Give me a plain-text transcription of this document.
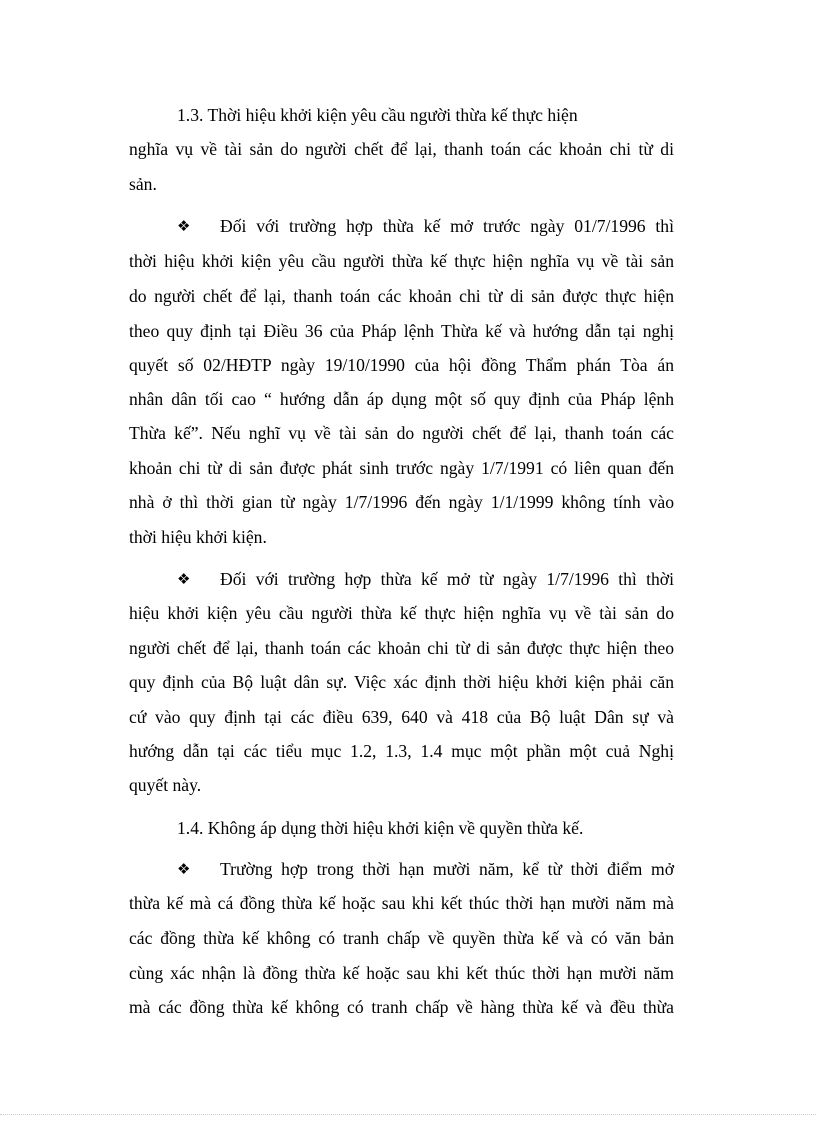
1.3. Thời hiệu khởi kiện yêu cầu người thừa kế thực hiện
nghĩa vụ về tài sản do người chết để lại, thanh toán các khoản chi từ di
sản.
❖ Đối với trường hợp thừa kế mở trước ngày 01/7/1996 thì
thời hiệu khởi kiện yêu cầu người thừa kế thực hiện nghĩa vụ về tài sản
do người chết để lại, thanh toán các khoản chi từ di sản được thực hiện
theo quy định tại Điều 36 của Pháp lệnh Thừa kế và hướng dẫn tại nghị
quyết số 02/HĐTP ngày 19/10/1990 của hội đồng Thẩm phán Tòa án
nhân dân tối cao “ hướng dẫn áp dụng một số quy định của Pháp lệnh
Thừa kế”. Nếu nghĩ vụ về tài sản do người chết để lại, thanh toán các
khoản chi từ di sản được phát sinh trước ngày 1/7/1991 có liên quan đến
nhà ở thì thời gian từ ngày 1/7/1996 đến ngày 1/1/1999 không tính vào
thời hiệu khởi kiện.
❖ Đối với trường hợp thừa kế mở từ ngày 1/7/1996 thì thời
hiệu khởi kiện yêu cầu người thừa kế thực hiện nghĩa vụ về tài sản do
người chết để lại, thanh toán các khoản chi từ di sản được thực hiện theo
quy định của Bộ luật dân sự. Việc xác định thời hiệu khởi kiện phải căn
cứ vào quy định tại các điều 639, 640 và 418 của Bộ luật Dân sự và
hướng dẫn tại các tiểu mục 1.2, 1.3, 1.4 mục một phần một cuả Nghị
quyết này.
1.4. Không áp dụng thời hiệu khởi kiện về quyền thừa kế.
❖ Trường hợp trong thời hạn mười năm, kể từ thời điểm mở
thừa kế mà cá đồng thừa kế hoặc sau khi kết thúc thời hạn mười năm mà
các đồng thừa kế không có tranh chấp về quyền thừa kế và có văn bản
cùng xác nhận là đồng thừa kế hoặc sau khi kết thúc thời hạn mười năm
mà các đồng thừa kế không có tranh chấp về hàng thừa kế và đều thừa
